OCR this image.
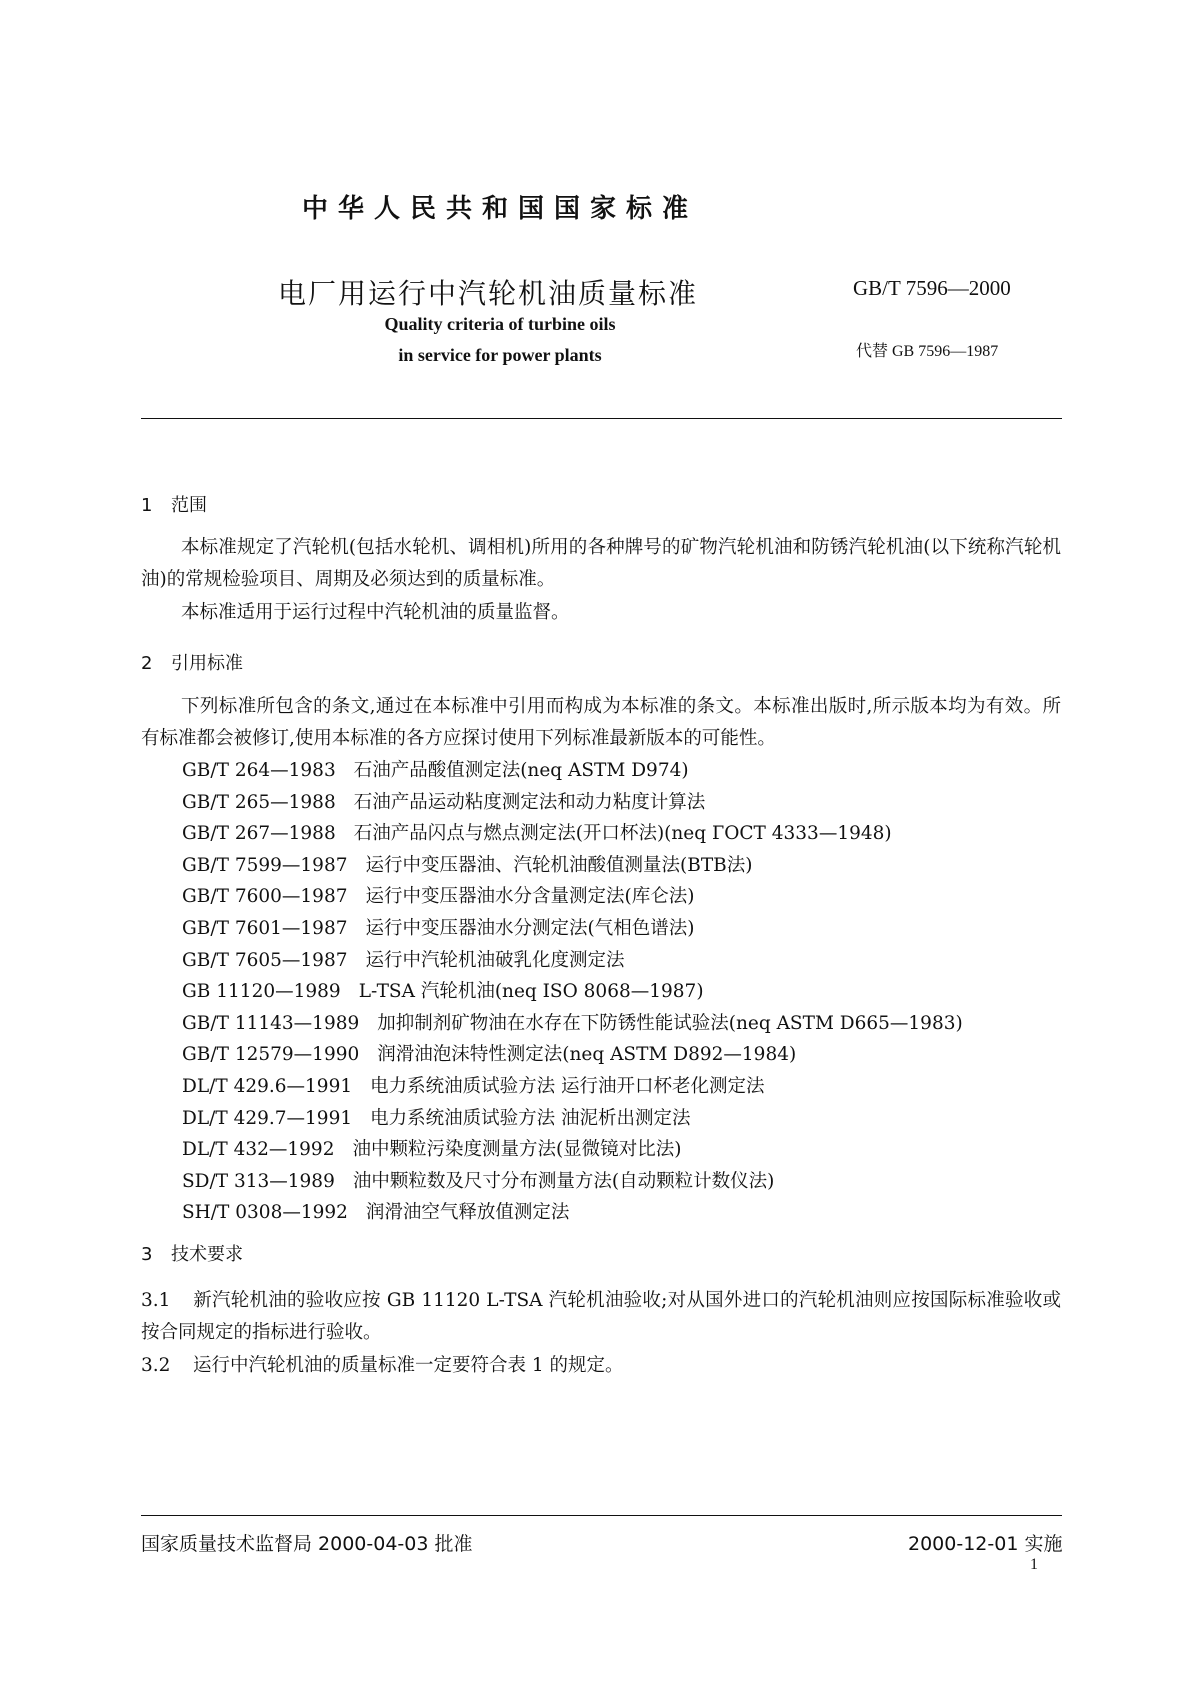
中华人民共和国国家标准
电厂用运行中汽轮机油质量标准	GB/T 7596—2000
Quality criteria of turbine oils
in service for power plants	代替 GB 7596—1987
1 范围
本标准规定了汽轮机(包括水轮机、调相机)所用的各种牌号的矿物汽轮机油和防锈汽轮机油(以下统称汽轮机油)的常规检验项目、周期及必须达到的质量标准。
本标准适用于运行过程中汽轮机油的质量监督。
2 引用标准
下列标准所包含的条文,通过在本标准中引用而构成为本标准的条文。本标准出版时,所示版本均为有效。所有标准都会被修订,使用本标准的各方应探讨使用下列标准最新版本的可能性。
GB/T 264—1983 石油产品酸值测定法(neq ASTM D974)
GB/T 265—1988 石油产品运动粘度测定法和动力粘度计算法
GB/T 267—1988 石油产品闪点与燃点测定法(开口杯法)(neq ГОСТ 4333—1948)
GB/T 7599—1987 运行中变压器油、汽轮机油酸值测量法(BTB法)
GB/T 7600—1987 运行中变压器油水分含量测定法(库仑法)
GB/T 7601—1987 运行中变压器油水分测定法(气相色谱法)
GB/T 7605—1987 运行中汽轮机油破乳化度测定法
GB 11120—1989 L-TSA 汽轮机油(neq ISO 8068—1987)
GB/T 11143—1989 加抑制剂矿物油在水存在下防锈性能试验法(neq ASTM D665—1983)
GB/T 12579—1990 润滑油泡沫特性测定法(neq ASTM D892—1984)
DL/T 429.6—1991 电力系统油质试验方法 运行油开口杯老化测定法
DL/T 429.7—1991 电力系统油质试验方法 油泥析出测定法
DL/T 432—1992 油中颗粒污染度测量方法(显微镜对比法)
SD/T 313—1989 油中颗粒数及尺寸分布测量方法(自动颗粒计数仪法)
SH/T 0308—1992 润滑油空气释放值测定法
3 技术要求
3.1 新汽轮机油的验收应按 GB 11120 L-TSA 汽轮机油验收;对从国外进口的汽轮机油则应按国际标准验收或按合同规定的指标进行验收。
3.2 运行中汽轮机油的质量标准一定要符合表 1 的规定。
国家质量技术监督局 2000-04-03 批准	2000-12-01 实施
1
